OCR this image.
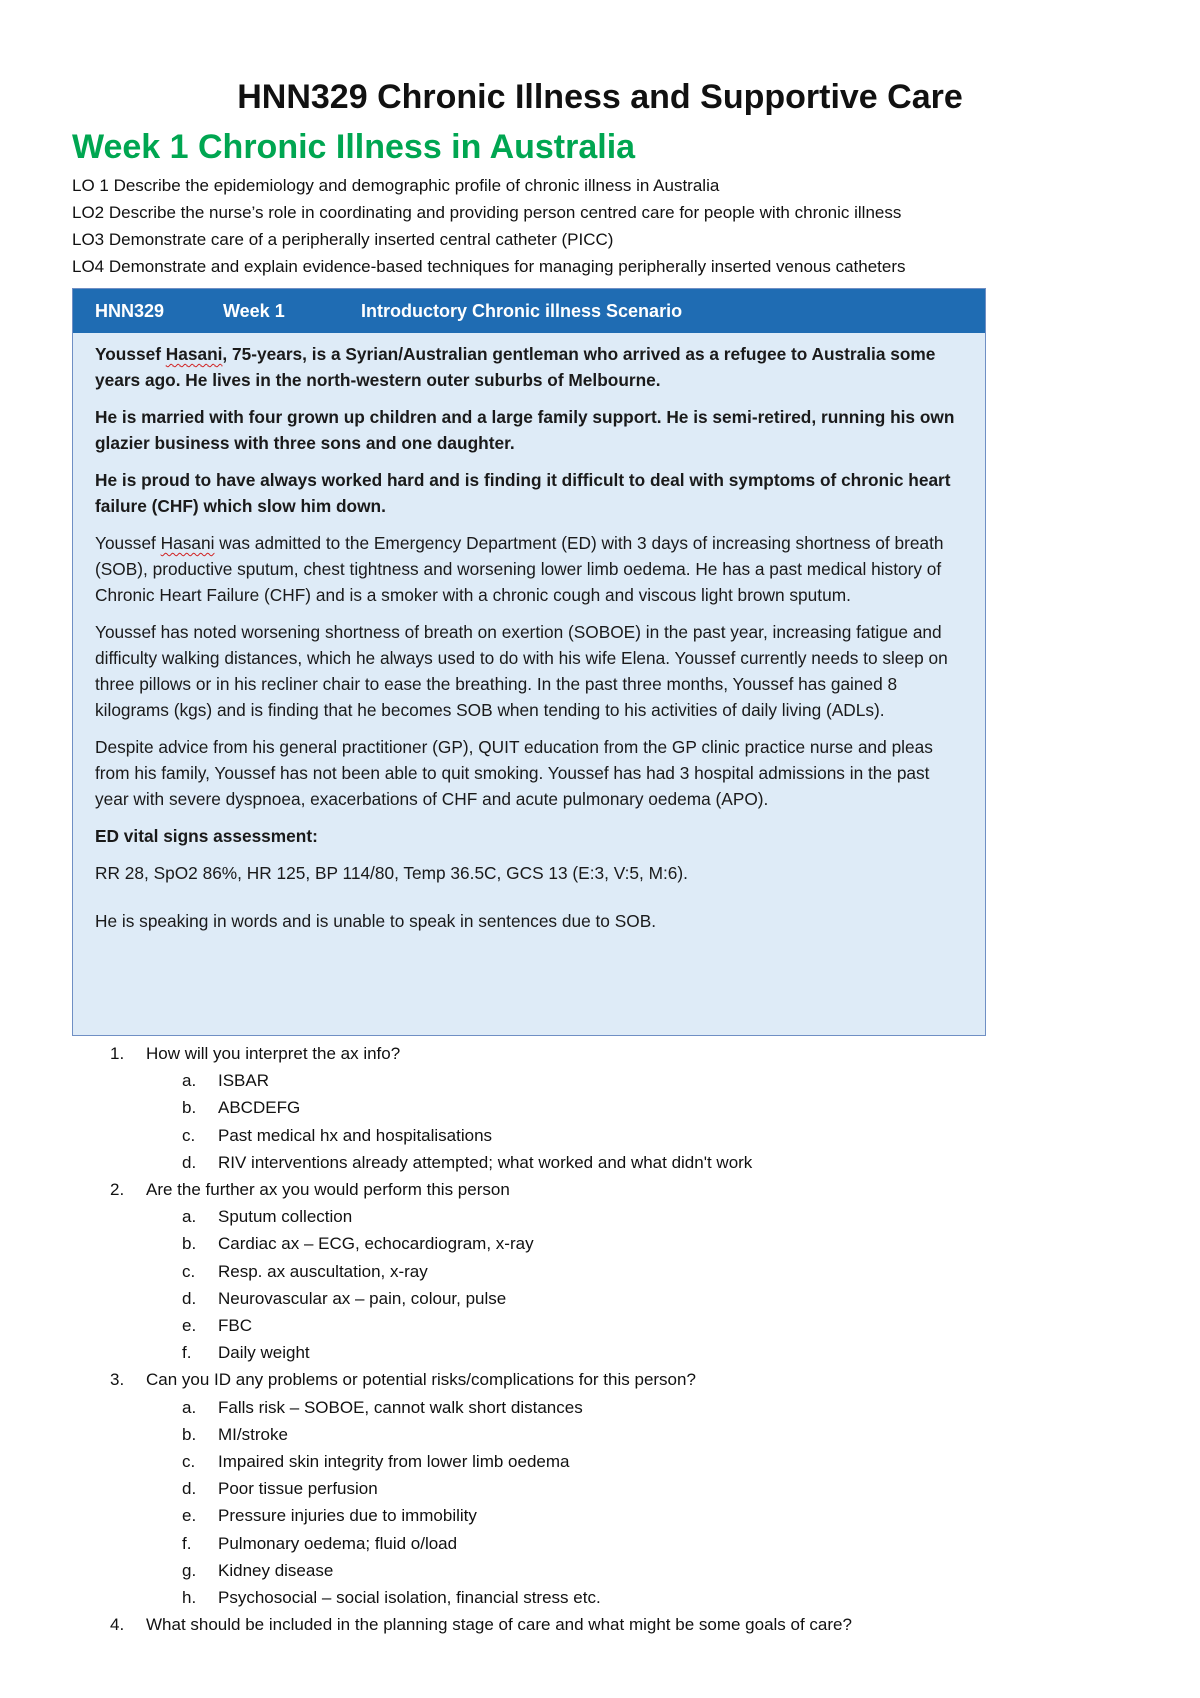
HNN329 Chronic Illness and Supportive Care
Week 1 Chronic Illness in Australia
LO 1 Describe the epidemiology and demographic profile of chronic illness in Australia
LO2 Describe the nurse’s role in coordinating and providing person centred care for people with chronic illness
LO3 Demonstrate care of a peripherally inserted central catheter (PICC)
LO4 Demonstrate and explain evidence-based techniques for managing peripherally inserted venous catheters
HNN329	Week 1	Introductory Chronic illness Scenario

Youssef Hasani, 75-years, is a Syrian/Australian gentleman who arrived as a refugee to Australia some years ago. He lives in the north-western outer suburbs of Melbourne.

He is married with four grown up children and a large family support. He is semi-retired, running his own glazier business with three sons and one daughter.

He is proud to have always worked hard and is finding it difficult to deal with symptoms of chronic heart failure (CHF) which slow him down.

Youssef Hasani was admitted to the Emergency Department (ED) with 3 days of increasing shortness of breath (SOB), productive sputum, chest tightness and worsening lower limb oedema. He has a past medical history of Chronic Heart Failure (CHF) and is a smoker with a chronic cough and viscous light brown sputum.

Youssef has noted worsening shortness of breath on exertion (SOBOE) in the past year, increasing fatigue and difficulty walking distances, which he always used to do with his wife Elena. Youssef currently needs to sleep on three pillows or in his recliner chair to ease the breathing. In the past three months, Youssef has gained 8 kilograms (kgs) and is finding that he becomes SOB when tending to his activities of daily living (ADLs).

Despite advice from his general practitioner (GP), QUIT education from the GP clinic practice nurse and pleas from his family, Youssef has not been able to quit smoking. Youssef has had 3 hospital admissions in the past year with severe dyspnoea, exacerbations of CHF and acute pulmonary oedema (APO).

ED vital signs assessment:

RR 28, SpO2 86%, HR 125, BP 114/80, Temp 36.5C, GCS 13 (E:3, V:5, M:6).

He is speaking in words and is unable to speak in sentences due to SOB.

1. How will you interpret the ax info?
a. ISBAR
b. ABCDEFG
c. Past medical hx and hospitalisations
d. RIV interventions already attempted; what worked and what didn't work
2. Are the further ax you would perform this person
a. Sputum collection
b. Cardiac ax – ECG, echocardiogram, x-ray
c. Resp. ax auscultation, x-ray
d. Neurovascular ax – pain, colour, pulse
e. FBC
f. Daily weight
3. Can you ID any problems or potential risks/complications for this person?
a. Falls risk – SOBOE, cannot walk short distances
b. MI/stroke
c. Impaired skin integrity from lower limb oedema
d. Poor tissue perfusion
e. Pressure injuries due to immobility
f. Pulmonary oedema; fluid o/load
g. Kidney disease
h. Psychosocial – social isolation, financial stress etc.
4. What should be included in the planning stage of care and what might be some goals of care?
